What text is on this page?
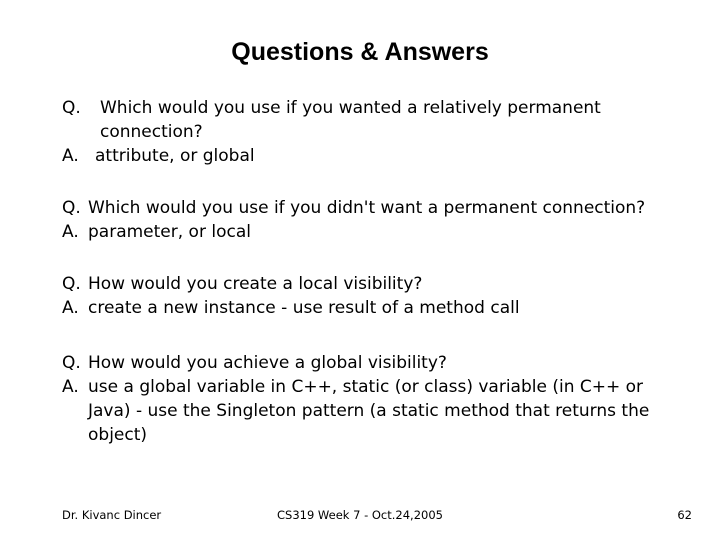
Questions & Answers
Q.	Which would you use if you wanted a relatively permanent connection?
A. attribute, or global
Q. Which would you use if you didn't want a permanent connection?
A. parameter, or local
Q. How would you create a local visibility?
A. create a new instance - use result of a method call
Q. How would you achieve a global visibility?
A. use a global variable in C++, static (or class) variable (in C++ or Java) - use the Singleton pattern (a static method that returns the object)

Dr. Kivanc Dincer	CS319 Week 7 - Oct.24,2005	62
